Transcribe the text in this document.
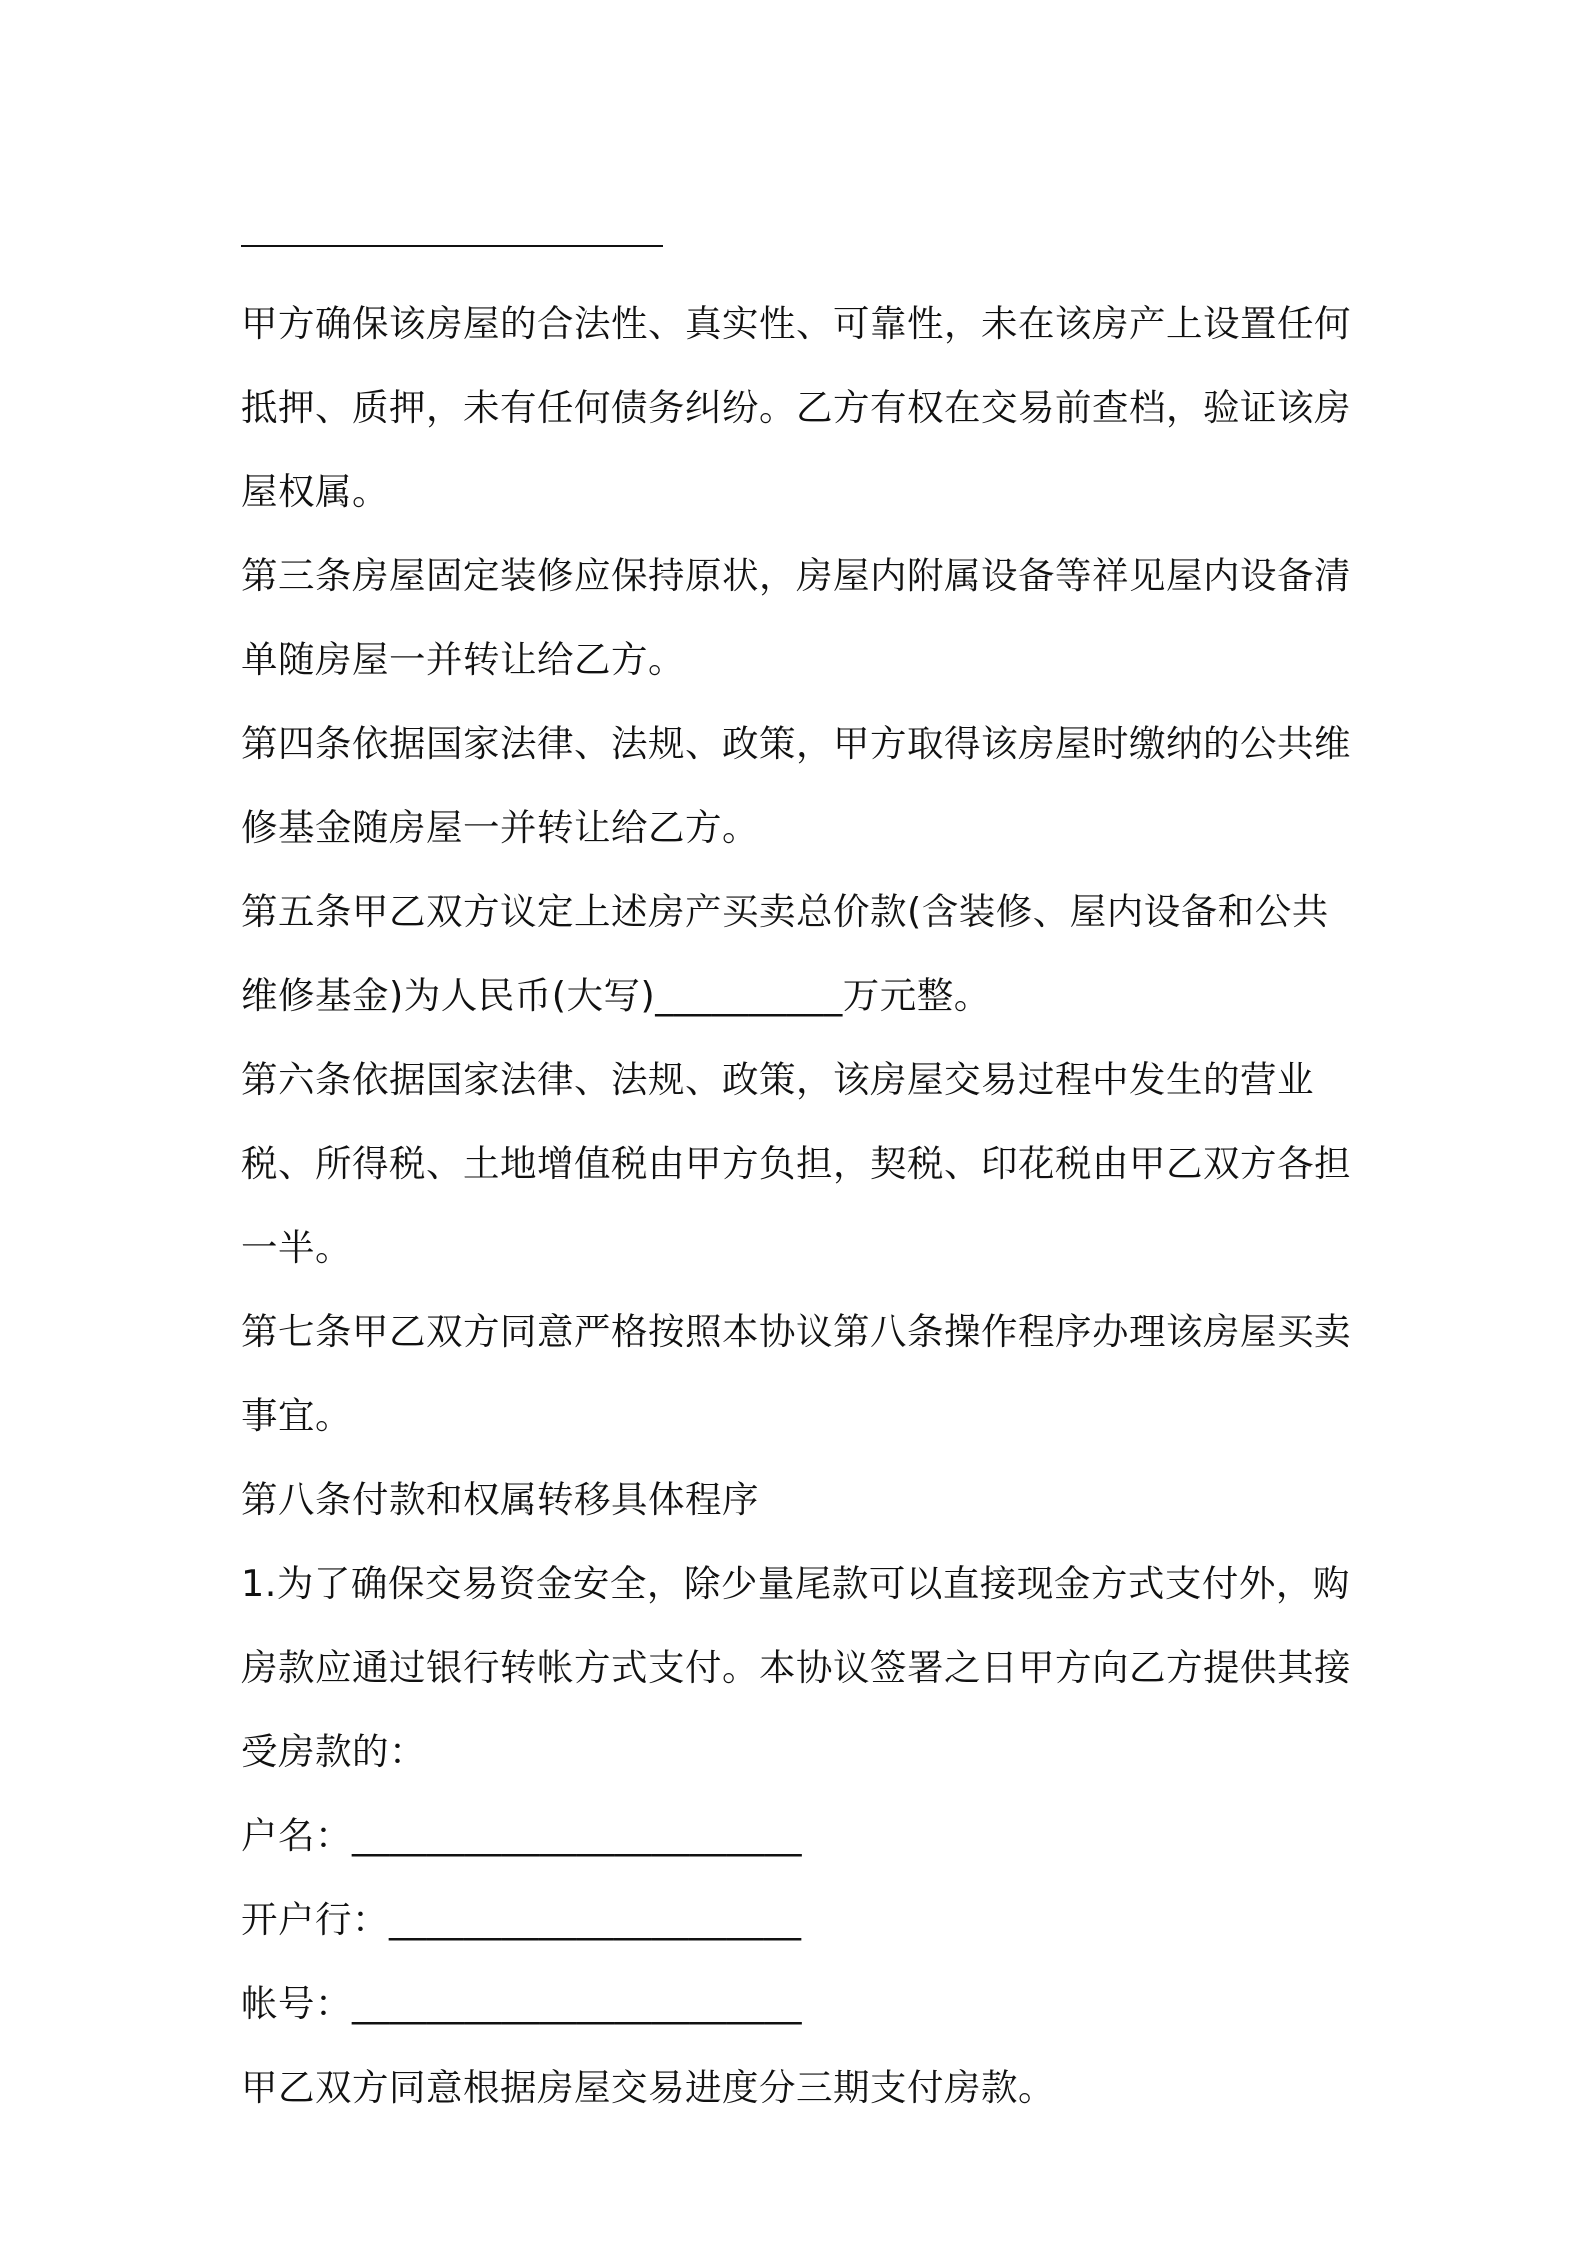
甲方确保该房屋的合法性、真实性、可靠性，未在该房产上设置任何抵押、质押，未有任何债务纠纷。乙方有权在交易前查档，验证该房屋权属。

第三条房屋固定装修应保持原状，房屋内附属设备等祥见屋内设备清单随房屋一并转让给乙方。

第四条依据国家法律、法规、政策，甲方取得该房屋时缴纳的公共维修基金随房屋一并转让给乙方。

第五条甲乙双方议定上述房产买卖总价款(含装修、屋内设备和公共维修基金)为人民币(大写)__________万元整。

第六条依据国家法律、法规、政策，该房屋交易过程中发生的营业税、所得税、土地增值税由甲方负担，契税、印花税由甲乙双方各担一半。

第七条甲乙双方同意严格按照本协议第八条操作程序办理该房屋买卖事宜。

第八条付款和权属转移具体程序

1.为了确保交易资金安全，除少量尾款可以直接现金方式支付外，购房款应通过银行转帐方式支付。本协议签署之日甲方向乙方提供其接受房款的：

户名：________________________
开户行：______________________
帐号：________________________

甲乙双方同意根据房屋交易进度分三期支付房款。
